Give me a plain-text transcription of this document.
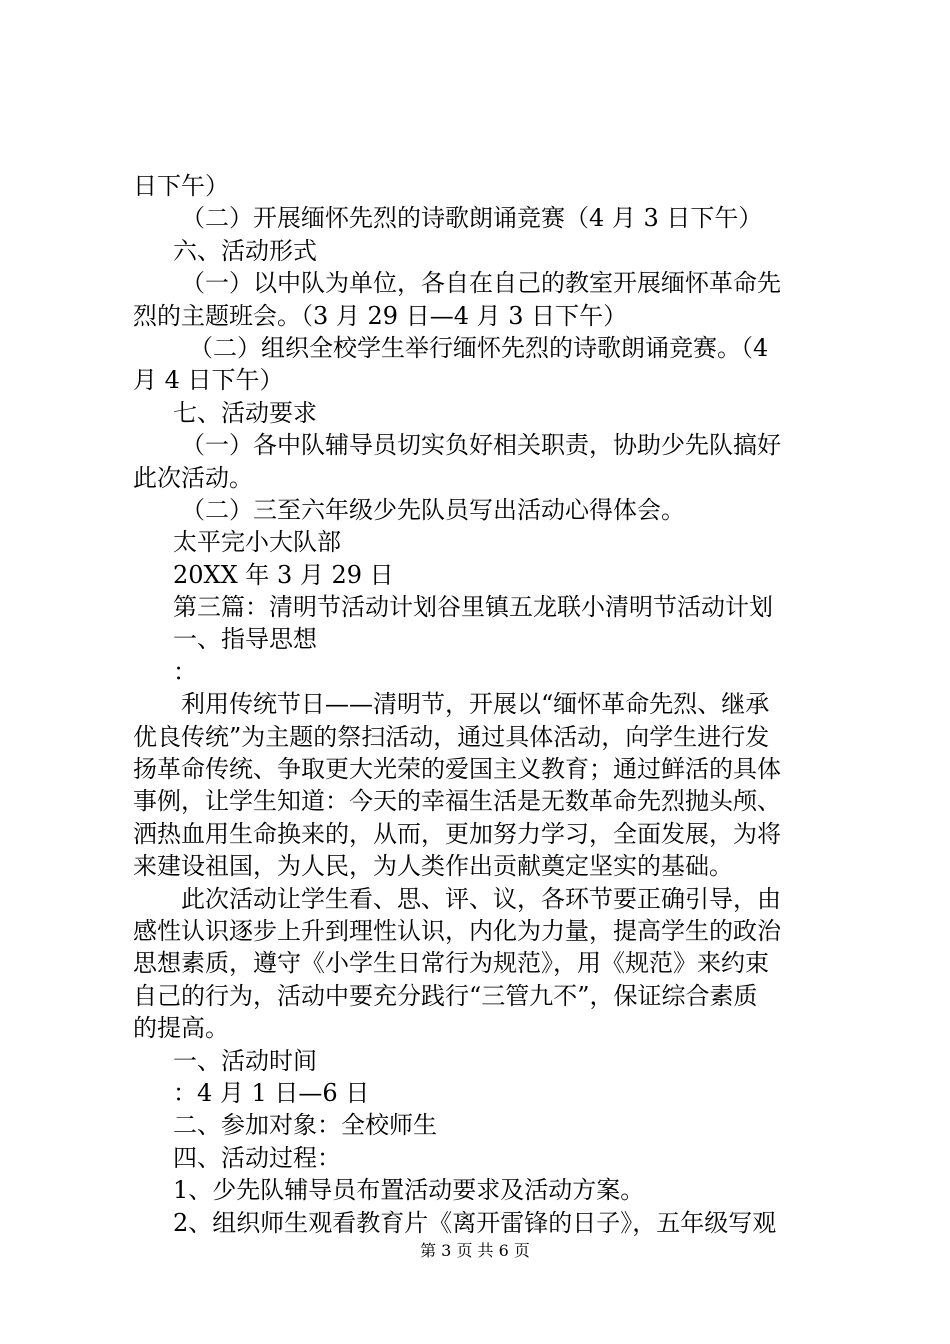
日下午）
（二）开展缅怀先烈的诗歌朗诵竞赛（4 月 3 日下午）
六、活动形式
（一）以中队为单位，各自在自己的教室开展缅怀革命先
烈的主题班会。（3 月 29 日—4 月 3 日下午）
（二）组织全校学生举行缅怀先烈的诗歌朗诵竞赛。（4
月 4 日下午）
七、活动要求
（一）各中队辅导员切实负好相关职责，协助少先队搞好
此次活动。
（二）三至六年级少先队员写出活动心得体会。
太平完小大队部
20XX 年 3 月 29 日
第三篇：清明节活动计划谷里镇五龙联小清明节活动计划
一、指导思想
：
利用传统节日——清明节，开展以“缅怀革命先烈、继承
优良传统”为主题的祭扫活动，通过具体活动，向学生进行发
扬革命传统、争取更大光荣的爱国主义教育；通过鲜活的具体
事例，让学生知道：今天的幸福生活是无数革命先烈抛头颅、
洒热血用生命换来的，从而，更加努力学习，全面发展，为将
来建设祖国，为人民，为人类作出贡献奠定坚实的基础。
此次活动让学生看、思、评、议，各环节要正确引导，由
感性认识逐步上升到理性认识，内化为力量，提高学生的政治
思想素质，遵守《小学生日常行为规范》，用《规范》来约束
自己的行为，活动中要充分践行“三管九不”，保证综合素质
的提高。
一、活动时间
：4 月 1 日—6 日
二、参加对象：全校师生
四、活动过程：
1、少先队辅导员布置活动要求及活动方案。
2、组织师生观看教育片《离开雷锋的日子》，五年级写观
第 3 页 共 6 页
